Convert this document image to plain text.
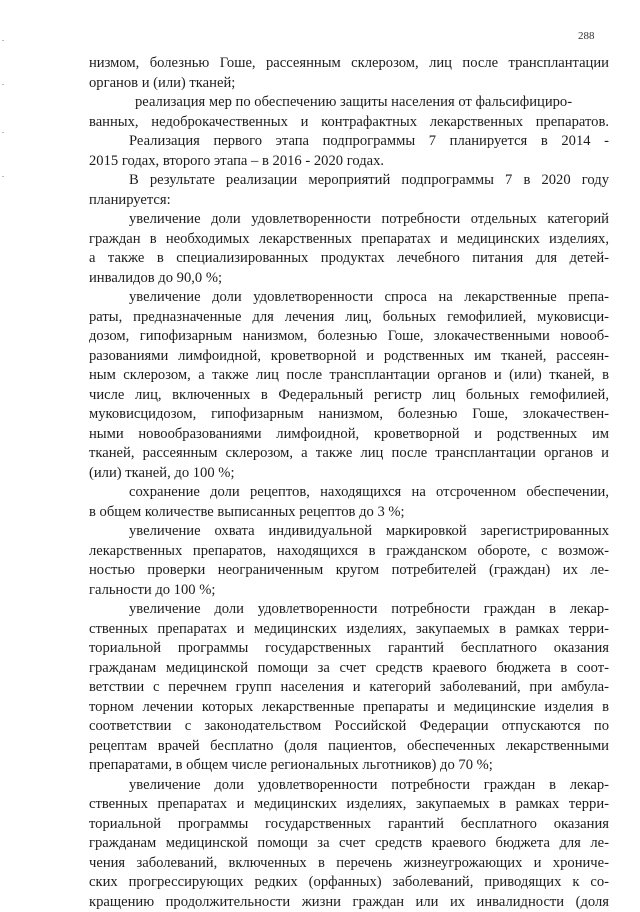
288
низмом, болезнью Гоше, рассеянным склерозом, лиц после трансплантации
органов и (или) тканей;
реализация мер по обеспечению защиты населения от фальсифициро-
ванных, недоброкачественных и контрафактных лекарственных препаратов.
Реализация первого этапа подпрограммы 7 планируется в 2014 -
2015 годах, второго этапа – в 2016 - 2020 годах.
В результате реализации мероприятий подпрограммы 7 в 2020 году
планируется:
увеличение доли удовлетворенности потребности отдельных категорий
граждан в необходимых лекарственных препаратах и медицинских изделиях,
а также в специализированных продуктах лечебного питания для детей-
инвалидов до 90,0 %;
увеличение доли удовлетворенности спроса на лекарственные препа-
раты, предназначенные для лечения лиц, больных гемофилией, муковисци-
дозом, гипофизарным нанизмом, болезнью Гоше, злокачественными новооб-
разованиями лимфоидной, кроветворной и родственных им тканей, рассеян-
ным склерозом, а также лиц после трансплантации органов и (или) тканей, в
числе лиц, включенных в Федеральный регистр лиц больных гемофилией,
муковисцидозом, гипофизарным нанизмом, болезнью Гоше, злокачествен-
ными новообразованиями лимфоидной, кроветворной и родственных им
тканей, рассеянным склерозом, а также лиц после трансплантации органов и
(или) тканей, до 100 %;
сохранение доли рецептов, находящихся на отсроченном обеспечении,
в общем количестве выписанных рецептов до 3 %;
увеличение охвата индивидуальной маркировкой зарегистрированных
лекарственных препаратов, находящихся в гражданском обороте, с возмож-
ностью проверки неограниченным кругом потребителей (граждан) их ле-
гальности до 100 %;
увеличение доли удовлетворенности потребности граждан в лекар-
ственных препаратах и медицинских изделиях, закупаемых в рамках терри-
ториальной программы государственных гарантий бесплатного оказания
гражданам медицинской помощи за счет средств краевого бюджета в соот-
ветствии с перечнем групп населения и категорий заболеваний, при амбула-
торном лечении которых лекарственные препараты и медицинские изделия в
соответствии с законодательством Российской Федерации отпускаются по
рецептам врачей бесплатно (доля пациентов, обеспеченных лекарственными
препаратами, в общем числе региональных льготников) до 70 %;
увеличение доли удовлетворенности потребности граждан в лекар-
ственных препаратах и медицинских изделиях, закупаемых в рамках терри-
ториальной программы государственных гарантий бесплатного оказания
гражданам медицинской помощи за счет средств краевого бюджета для ле-
чения заболеваний, включенных в перечень жизнеугрожающих и хрониче-
ских прогрессирующих редких (орфанных) заболеваний, приводящих к со-
кращению продолжительности жизни граждан или их инвалидности (доля
